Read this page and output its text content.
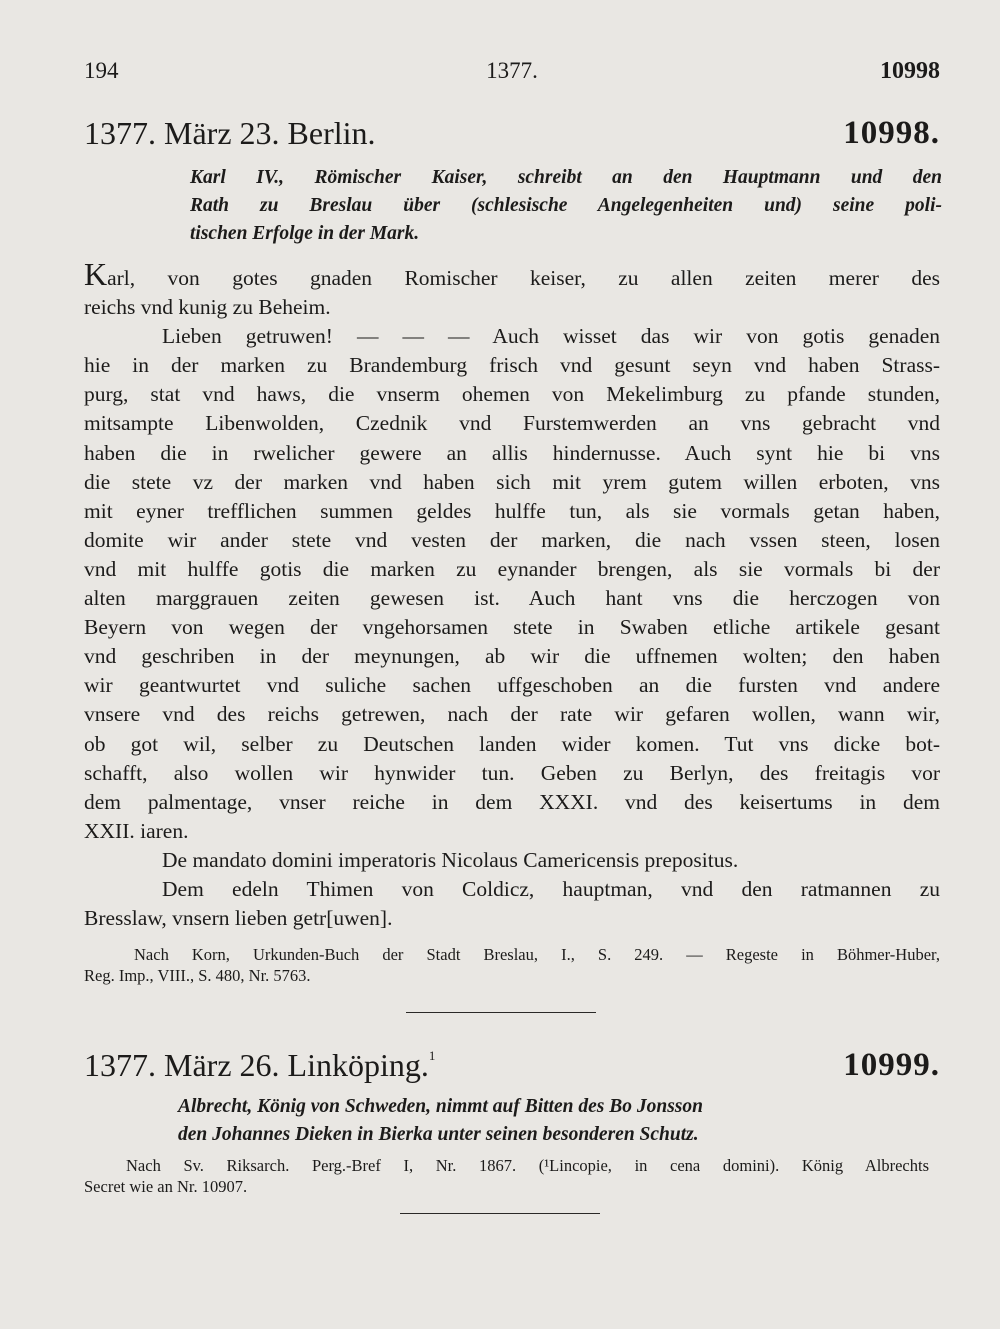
194	1377.	10998
1377. März 23. Berlin.	10998.

Karl IV., Römischer Kaiser, schreibt an den Hauptmann und den
Rath zu Breslau über (schlesische Angelegenheiten und) seine poli-
tischen Erfolge in der Mark.

Karl, von gotes gnaden Romischer keiser, zu allen zeiten merer des
reichs vnd kunig zu Beheim.
Lieben getruwen! — — — Auch wisset das wir von gotis genaden
hie in der marken zu Brandemburg frisch vnd gesunt seyn vnd haben Strass-
purg, stat vnd haws, die vnserm ohemen von Mekelimburg zu pfande stunden,
mitsampte Libenwolden, Czednik vnd Furstemwerden an vns gebracht vnd
haben die in rwelicher gewere an allis hindernusse. Auch synt hie bi vns
die stete vz der marken vnd haben sich mit yrem gutem willen erboten, vns
mit eyner trefflichen summen geldes hulffe tun, als sie vormals getan haben,
domite wir ander stete vnd vesten der marken, die nach vssen steen, losen
vnd mit hulffe gotis die marken zu eynander brengen, als sie vormals bi der
alten marggrauen zeiten gewesen ist. Auch hant vns die herczogen von
Beyern von wegen der vngehorsamen stete in Swaben etliche artikele gesant
vnd geschriben in der meynungen, ab wir die uffnemen wolten; den haben
wir geantwurtet vnd suliche sachen uffgeschoben an die fursten vnd andere
vnsere vnd des reichs getrewen, nach der rate wir gefaren wollen, wann wir,
ob got wil, selber zu Deutschen landen wider komen. Tut vns dicke bot-
schafft, also wollen wir hynwider tun. Geben zu Berlyn, des freitagis vor
dem palmentage, vnser reiche in dem XXXI. vnd des keisertums in dem
XXII. iaren.
De mandato domini imperatoris Nicolaus Camericensis prepositus.
Dem edeln Thimen von Coldicz, hauptman, vnd den ratmannen zu
Bresslaw, vnsern lieben getr[uwen].
Nach Korn, Urkunden-Buch der Stadt Breslau, I., S. 249. — Regeste in Böhmer-Huber,
Reg. Imp., VIII., S. 480, Nr. 5763.
1377. März 26. Linköping.$^1$	10999.

Albrecht, König von Schweden, nimmt auf Bitten des Bo Jonsson
den Johannes Dieken in Bierka unter seinen besonderen Schutz.

Nach Sv. Riksarch. Perg.-Bref I, Nr. 1867. (¹Lincopie, in cena domini). König Albrechts
Secret wie an Nr. 10907.
